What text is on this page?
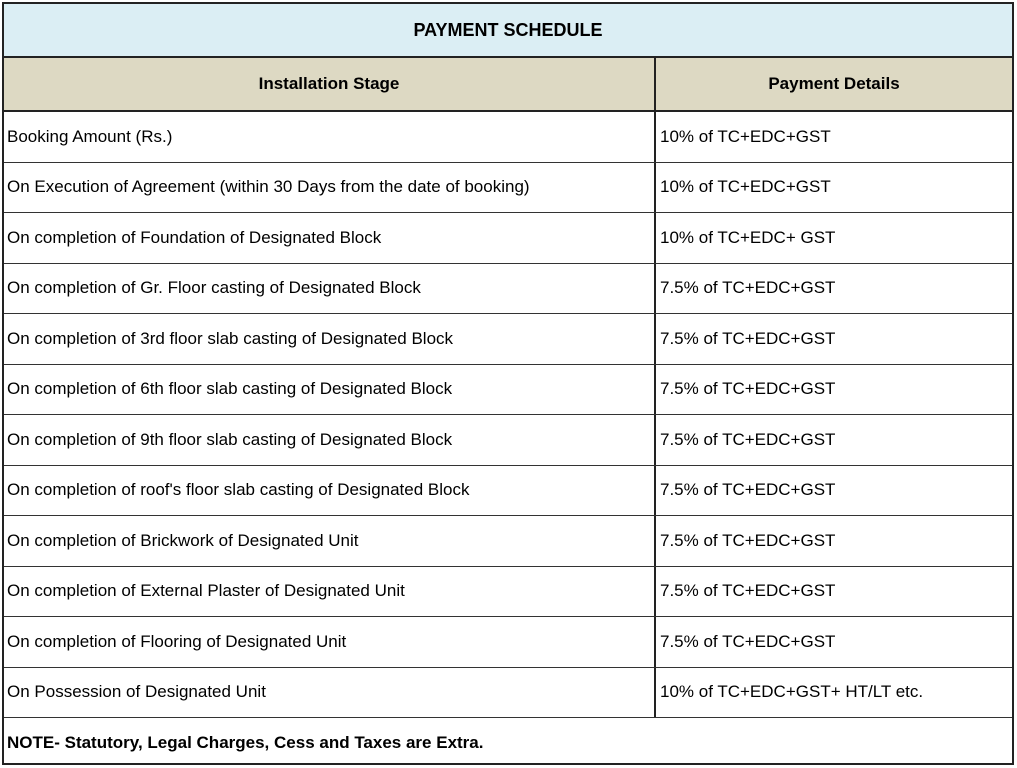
PAYMENT SCHEDULE
Installation Stage	Payment Details
Booking Amount (Rs.)	10% of TC+EDC+GST
On Execution of Agreement (within 30 Days from the date of booking)	10% of TC+EDC+GST
On completion of Foundation of Designated Block	10% of TC+EDC+ GST
On completion of Gr. Floor casting of Designated Block	7.5% of TC+EDC+GST
On completion of 3rd floor slab casting of Designated Block	7.5% of TC+EDC+GST
On completion of 6th floor slab casting of Designated Block	7.5% of TC+EDC+GST
On completion of 9th floor slab casting of Designated Block	7.5% of TC+EDC+GST
On completion of roof's floor slab casting of Designated Block	7.5% of TC+EDC+GST
On completion of Brickwork of Designated Unit	7.5% of TC+EDC+GST
On completion of External Plaster of Designated Unit	7.5% of TC+EDC+GST
On completion of Flooring of Designated Unit	7.5% of TC+EDC+GST
On Possession of Designated Unit	10% of TC+EDC+GST+ HT/LT etc.
NOTE- Statutory, Legal Charges, Cess and Taxes are Extra.
